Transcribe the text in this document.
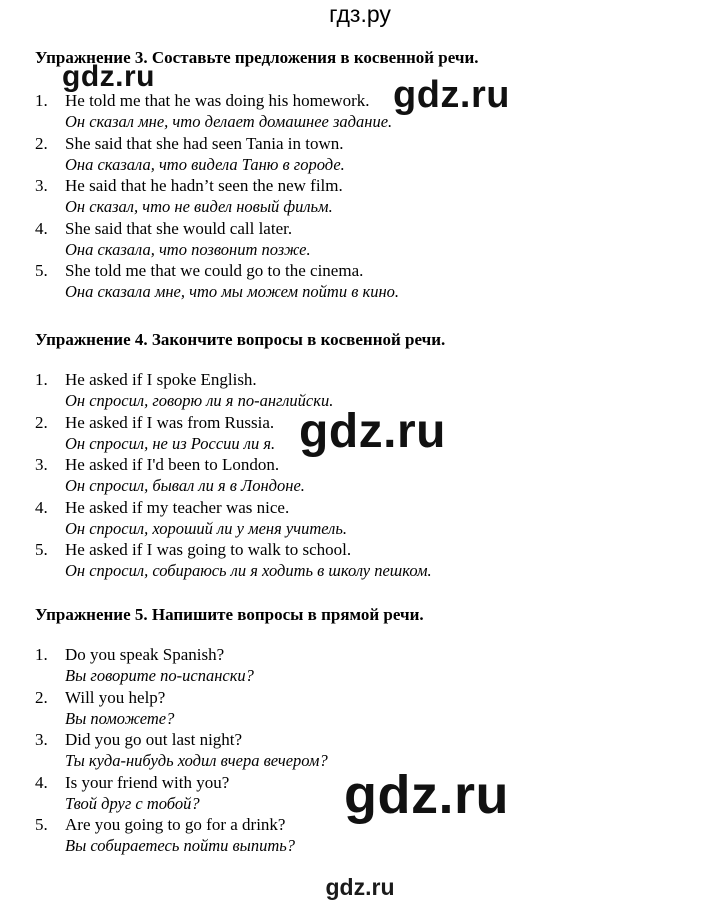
гдз.ру

Упражнение 3. Составьте предложения в косвенной речи.

1. He told me that he was doing his homework.
Он сказал мне, что делает домашнее задание.
2. She said that she had seen Tania in town.
Она сказала, что видела Таню в городе.
3. He said that he hadn’t seen the new film.
Он сказал, что не видел новый фильм.
4. She said that she would call later.
Она сказала, что позвонит позже.
5. She told me that we could go to the cinema.
Она сказала мне, что мы можем пойти в кино.

Упражнение 4. Закончите вопросы в косвенной речи.

1. He asked if I spoke English.
Он спросил, говорю ли я по-английски.
2. He asked if I was from Russia.
Он спросил, не из России ли я.
3. He asked if I'd been to London.
Он спросил, бывал ли я в Лондоне.
4. He asked if my teacher was nice.
Он спросил, хороший ли у меня учитель.
5. He asked if I was going to walk to school.
Он спросил, собираюсь ли я ходить в школу пешком.

Упражнение 5. Напишите вопросы в прямой речи.

1. Do you speak Spanish?
Вы говорите по-испански?
2. Will you help?
Вы поможете?
3. Did you go out last night?
Ты куда-нибудь ходил вчера вечером?
4. Is your friend with you?
Твой друг с тобой?
5. Are you going to go for a drink?
Вы собираетесь пойти выпить?
gdz.ru	gdz.ru
gdz.ru
gdz.ru
gdz.ru
